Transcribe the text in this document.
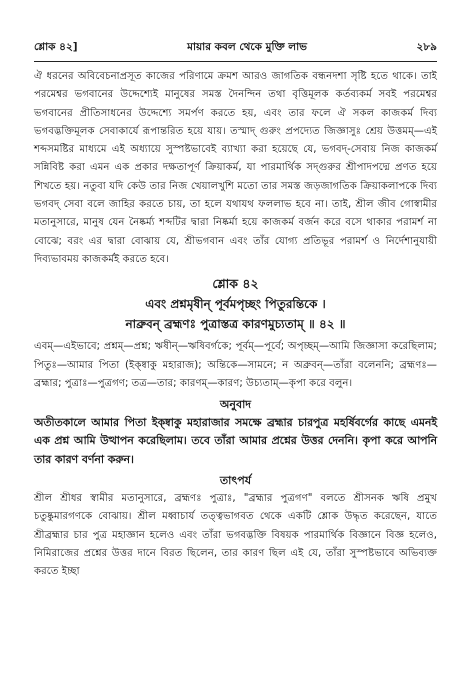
শ্লোক ৪২]	মায়ার কবল থেকে মুক্তি লাভ	২৮৯

ঐ ধরনের অবিবেচনাপ্রসূত কাজের পরিণামে ক্রমশ আরও জাগতিক বন্ধনদশা সৃষ্টি হতে থাকে। তাই পরমেশ্বর ভগবানের উদ্দেশ্যেই মানুষের সমস্ত দৈনন্দিন তথা বৃত্তিমূলক কর্তব্যকর্ম সবই পরমেশ্বর ভগবানের প্রীতিসাধনের উদ্দেশ্যে সমর্পণ করতে হয়, এবং তার ফলে ঐ সকল কাজকর্ম দিব্য ভগবদ্ভক্তিমূলক সেবাকার্যে রূপান্তরিত হয়ে যায়। তস্মাদ্‌ গুরুং প্রপদ্যেত জিজ্ঞাসুঃ শ্রেয় উত্তমম্‌—এই শব্দসমষ্টির মাধ্যমে এই অধ্যায়ে সুস্পষ্টভাবেই ব্যাখ্যা করা হয়েছে যে, ভগবদ্‌-সেবায় নিজ কাজকর্ম সন্নিবিষ্ট করা এমন এক প্রকার দক্ষতাপূর্ণ ক্রিয়াকর্ম, যা পারমার্থিক সদ্‌গুরুর শ্রীপাদপদ্মে প্রণত হয়ে শিখতে হয়। নতুবা যদি কেউ তার নিজ খেয়ালখুশি মতো তার সমস্ত জড়জাগতিক ক্রিয়াকলাপকে দিব্য ভগবদ্‌ সেবা বলে জাহির করতে চায়, তা হলে যথাযথ ফললাভ হবে না। তাই, শ্রীল জীব গোস্বামীর মতানুসারে, মানুষ যেন নৈষ্কর্ম্য শব্দটির দ্বারা নিষ্কর্মা হয়ে কাজকর্ম বর্জন করে বসে থাকার পরামর্শ না বোঝে; বরং এর দ্বারা বোঝায় যে, শ্রীভগবান এবং তাঁর যোগ্য প্রতিভূর পরামর্শ ও নির্দেশানুযায়ী দিব্যভাবময় কাজকর্মই করতে হবে।

শ্লোক ৪২
এবং প্রশ্নমৃষীন্‌ পূর্বমপৃচ্ছং পিতুরন্তিকে ।
নাব্রুবন্‌ ব্রহ্মণঃ পুত্রাস্তত্র কারণমুচ্যতাম্‌ ॥ ৪২ ॥

এবম্‌—এইভাবে; প্রশ্নম্‌—প্রশ্ন; ঋষীন্‌—ঋষিবর্গকে; পূর্বম্‌—পূর্বে; অপৃচ্ছম্‌—আমি জিজ্ঞাসা করেছিলাম; পিতুঃ—আমার পিতা (ইক্ষ্বাকু মহারাজ); অন্তিকে—সামনে; ন অব্রুবন্‌—তাঁরা বলেননি; ব্রহ্মণঃ—ব্রহ্মার; পুত্রাঃ—পুত্রগণ; তত্র—তার; কারণম্‌—কারণ; উচ্যতাম্‌—কৃপা করে বলুন।

অনুবাদ

অতীতকালে আমার পিতা ইক্ষ্বাকু মহারাজার সমক্ষে ব্রহ্মার চারপুত্র মহর্ষিবর্গের কাছে এমনই এক প্রশ্ন আমি উত্থাপন করেছিলাম। তবে তাঁরা আমার প্রশ্নের উত্তর দেননি। কৃপা করে আপনি তার কারণ বর্ণনা করুন।

তাৎপর্য

শ্রীল শ্রীধর স্বামীর মতানুসারে, ব্রহ্মণঃ পুত্রাঃ, "ব্রহ্মার পুত্রগণ" বলতে শ্রীসনক ঋষি প্রমুখ চতুষ্কুমারগণকে বোঝায়। শ্রীল মধ্বাচার্য তত্ত্বভাগবত থেকে একটি শ্লোক উদ্ধৃত করেছেন, যাতে শ্রীব্রহ্মার চার পুত্র মহাজ্ঞান হলেও এবং তাঁরা ভগবদ্ভক্তি বিষয়ক পারমার্থিক বিজ্ঞানে বিজ্ঞ হলেও, নিমিরাজের প্রশ্নের উত্তর দানে বিরত ছিলেন, তার কারণ ছিল এই যে, তাঁরা সুস্পষ্টভাবে অভিব্যক্ত করতে ইচ্ছা
